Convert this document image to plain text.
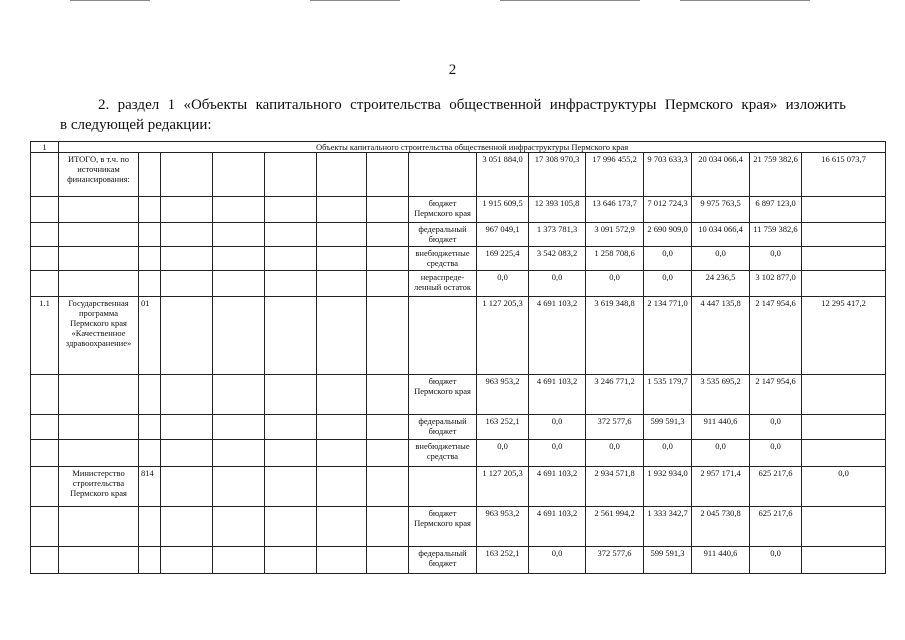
2
2. раздел 1 «Объекты капитального строительства общественной инфраструктуры Пермского края» изложить
в следующей редакции:
1	Объекты капитального строительства общественной инфраструктуры Пермского края														
	ИТОГО, в т.ч. по источникам финансирования:								3 051 884,0	17 308 970,3	17 996 455,2	9 703 633,3	20 034 066,4	21 759 382,6	16 615 073,7
								бюджет Пермского края	1 915 609,5	12 393 105,8	13 646 173,7	7 012 724,3	9 975 763,5	6 897 123,0	
								федеральный бюджет	967 049,1	1 373 781,3	3 091 572,9	2 690 909,0	10 034 066,4	11 759 382,6	
								внебюджетные средства	169 225,4	3 542 083,2	1 258 708,6	0,0	0,0	0,0	
								нераспреде-ленный остаток	0,0	0,0	0,0	0,0	24 236,5	3 102 877,0	
1.1	Государственная программа Пермского края «Качественное здравоохранение»	01							1 127 205,3	4 691 103,2	3 619 348,8	2 134 771,0	4 447 135,8	2 147 954,6	12 295 417,2
								бюджет Пермского края	963 953,2	4 691 103,2	3 246 771,2	1 535 179,7	3 535 695,2	2 147 954,6	
								федеральный бюджет	163 252,1	0,0	372 577,6	599 591,3	911 440,6	0,0	
								внебюджетные средства	0,0	0,0	0,0	0,0	0,0	0,0	
	Министерство строительства Пермского края	814							1 127 205,3	4 691 103,2	2 934 571,8	1 932 934,0	2 957 171,4	625 217,6	0,0
								бюджет Пермского края	963 953,2	4 691 103,2	2 561 994,2	1 333 342,7	2 045 730,8	625 217,6	
								федеральный бюджет	163 252,1	0,0	372 577,6	599 591,3	911 440,6	0,0	
